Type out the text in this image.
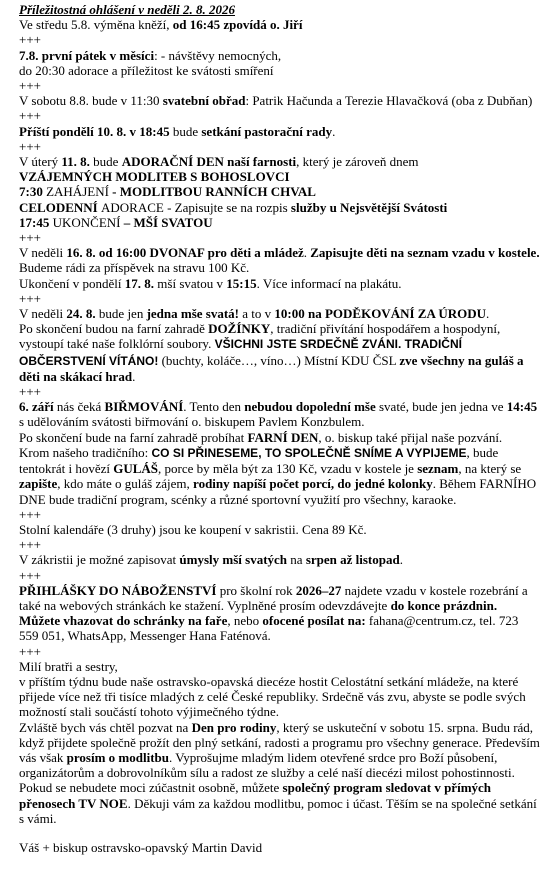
Příležitostná ohlášení v neděli 2. 8. 2026

Ve středu 5.8. výměna kněží, od 16:45 zpovídá o. Jiří

+++

7.8. první pátek v měsíci: - návštěvy nemocných,
do 20:30 adorace a příležitost ke svátosti smíření

+++

V sobotu 8.8. bude v 11:30 svatební obřad: Patrik Hačunda a Terezie Hlavačková (oba z Dubňan)

+++

Příští pondělí 10. 8. v 18:45 bude setkání pastorační rady.

+++

V úterý 11. 8. bude ADORAČNÍ DEN naší farnosti, který je zároveň dnem
VZÁJEMNÝCH MODLITEB S BOHOSLOVCI
7:30 ZAHÁJENÍ - MODLITBOU RANNÍCH CHVAL
CELODENNÍ ADORACE - Zapisujte se na rozpis služby u Nejsvětější Svátosti
17:45 UKONČENÍ – MŠÍ SVATOU

+++

V neděli 16. 8. od 16:00 DVONAF pro děti a mládež. Zapisujte děti na seznam vzadu v kostele. Budeme rádi za příspěvek na stravu 100 Kč.
Ukončení v pondělí 17. 8. mší svatou v 15:15. Více informací na plakátu.

+++

V neděli 24. 8. bude jen jedna mše svatá! a to v 10:00 na PODĚKOVÁNÍ ZA ÚRODU.
Po skončení budou na farní zahradě DOŽÍNKY, tradiční přivítání hospodářem a hospodyní, vystoupí také naše folklórní soubory. VŠICHNI JSTE SRDEČNĚ ZVÁNI. TRADIČNÍ OBČERSTVENÍ VÍTÁNO! (buchty, koláče…, víno…) Místní KDU ČSL zve všechny na guláš a děti na skákací hrad.

+++

6. září nás čeká BIŘMOVÁNÍ. Tento den nebudou dopolední mše svaté, bude jen jedna ve 14:45 s udělováním svátosti biřmování o. biskupem Pavlem Konzbulem.
Po skončení bude na farní zahradě probíhat FARNÍ DEN, o. biskup také přijal naše pozvání.
Krom našeho tradičního: CO SI PŘINESEME, TO SPOLEČNĚ SNÍME A VYPIJEME, bude tentokrát i hovězí GULÁŠ, porce by měla být za 130 Kč, vzadu v kostele je seznam, na který se zapište, kdo máte o guláš zájem, rodiny napíší počet porcí, do jedné kolonky. Během FARNÍHO DNE bude tradiční program, scénky a různé sportovní využití pro všechny, karaoke.

+++

Stolní kalendáře (3 druhy) jsou ke koupení v sakristii. Cena 89 Kč.

+++

V zákristii je možné zapisovat úmysly mší svatých na srpen až listopad.

+++

PŘIHLÁŠKY DO NÁBOŽENSTVÍ pro školní rok 2026–27 najdete vzadu v kostele rozebrání a také na webových stránkách ke stažení. Vyplněné prosím odevzdávejte do konce prázdnin.
Můžete vhazovat do schránky na faře, nebo ofocené posílat na: fahana@centrum.cz, tel. 723 559 051, WhatsApp, Messenger Hana Faténová.

+++

Milí bratři a sestry,

v příštím týdnu bude naše ostravsko-opavská diecéze hostit Celostátní setkání mládeže, na které přijede více než tři tisíce mladých z celé České republiky. Srdečně vás zvu, abyste se podle svých možností stali součástí tohoto výjimečného týdne.

Zvláště bych vás chtěl pozvat na Den pro rodiny, který se uskuteční v sobotu 15. srpna. Budu rád, když přijdete společně prožít den plný setkání, radosti a programu pro všechny generace. Především vás však prosím o modlitbu. Vyprošujme mladým lidem otevřené srdce pro Boží působení, organizátorům a dobrovolníkům sílu a radost ze služby a celé naší diecézi milost pohostinnosti. Pokud se nebudete moci zúčastnit osobně, můžete společný program sledovat v přímých přenosech TV NOE. Děkuji vám za každou modlitbu, pomoc i účast. Těším se na společné setkání s vámi.

Váš + biskup ostravsko-opavský Martin David
